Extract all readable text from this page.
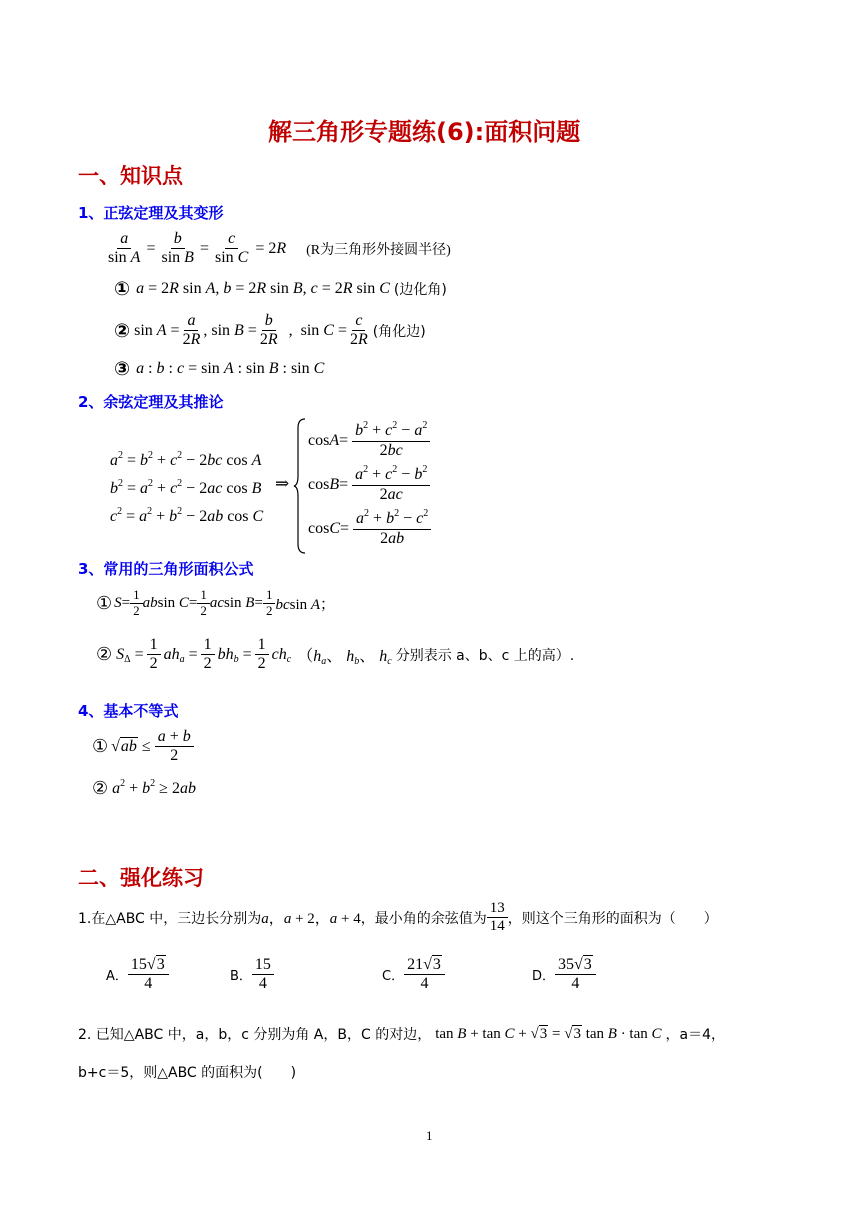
解三角形专题练(6):面积问题
一、知识点
1、正弦定理及其变形
$\frac{a}{\text{sin A}} = \frac{b}{\text{sin B}} = \frac{c}{\text{sin C}} = 2R$ (R为三角形外接圆半径)
① a = 2R sin A, b = 2R sin B, c = 2R sin C (边化角)
② $\sin A = \frac{a}{2R}$ , $\sin B = \frac{b}{2R}$ , $\sin C = \frac{c}{2R}$ (角化边)
③ a : b : c = sin A : sin B : sin C
2、余弦定理及其推论
$a^2 = b^2 + c^2 - 2bc$ cos A
$b^2 = a^2 + c^2 - 2ac$ cos B
$c^2 = a^2 + b^2 - 2ab$ cos C
⇒
$\cos A = \frac{b^2 + c^2 - a^2}{2bc}$
$\cos B = \frac{a^2 + c^2 - b^2}{2ac}$
$\cos C = \frac{a^2 + b^2 - c^2}{2ab}$
3、常用的三角形面积公式
① $S= \frac{1}{2}$ absin $C= \frac{1}{2}$ acsin $B= \frac{1}{2}$ bcsin A；
② $S_\Delta = \frac{1}{2} ah_a = \frac{1}{2} bh_b = \frac{1}{2} ch_c$ （$h_a$、 $h_b$、 $h_c$ 分别表示 a、b、c 上的高）.
4、基本不等式
① $√ab \le \frac{a + b}{2}$
② $a^2 + b^2 \ge 2ab$
二、强化练习
1.在△ABC 中，三边长分别为 a，a + 2，a + 4 ，最小角的余弦值为 $\frac{13}{14}$ ，则这个三角形的面积为（　　）
A． $\frac{15√3}{4}$	B． $\frac{15}{4}$	C． $\frac{21√3}{4}$	D． $\frac{35√3}{4}$
2. 已知△ABC 中，a，b，c 分别为角 A，B，C 的对边， tan B + tan C + √3 = √3 tan B · tan C ，a＝4，
b+c＝5，则△ABC 的面积为(　　)
1
